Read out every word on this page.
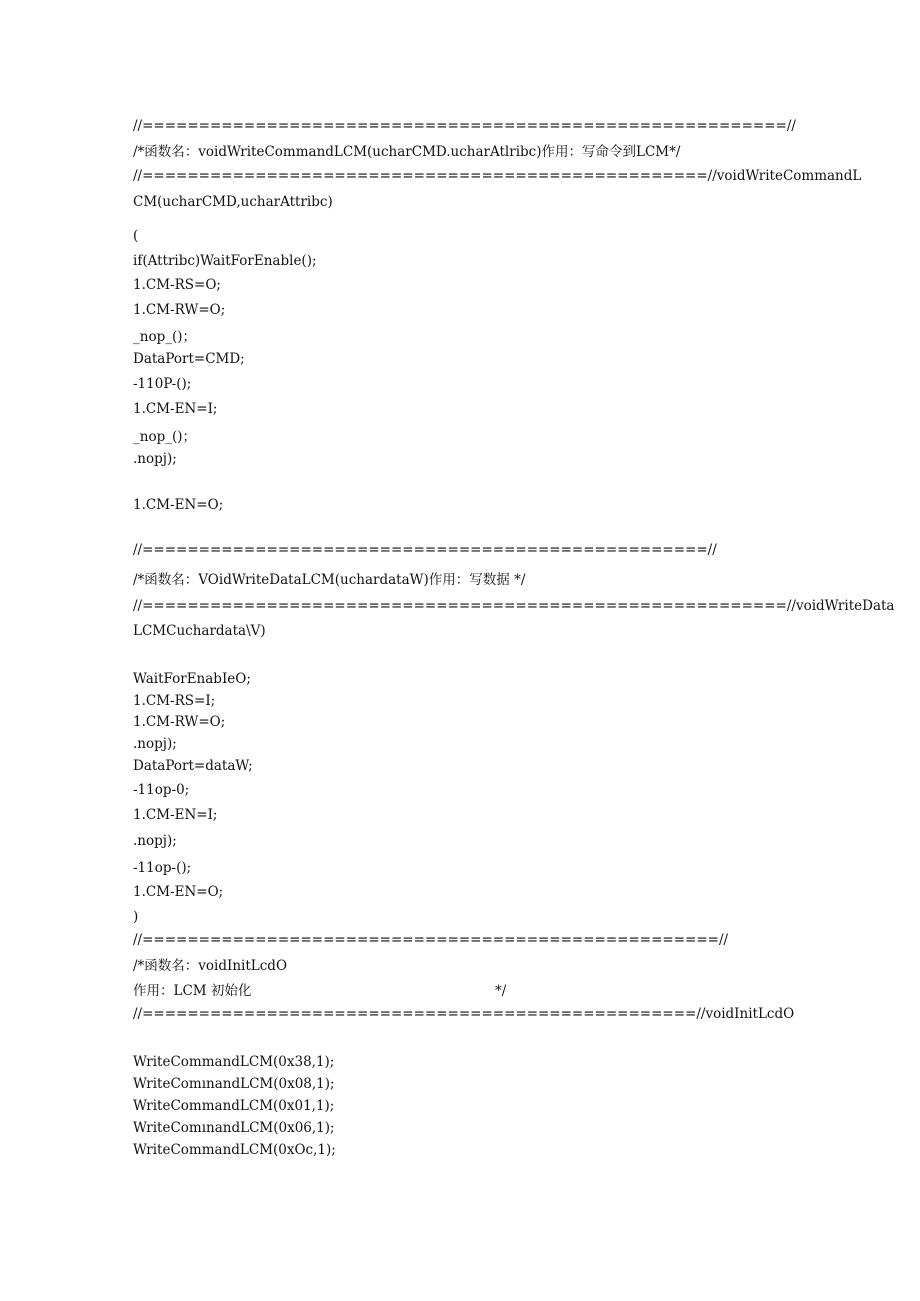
//=========================================================//
/*函数名：voidWriteCommandLCM(ucharCMD.ucharAtlribc)作用：写命令到LCM*/
//==================================================//voidWriteCommandL
CM(ucharCMD,ucharAttribc)
(
if(Attribc)WaitForEnable();
1.CM-RS=O;
1.CM-RW=O;
_nop_()；
DataPort=CMD;
-110P-();
1.CM-EN=I;
_nop_()；
.nopj);
1.CM-EN=O;
//==================================================//
/*函数名：VOidWriteDataLCM(uchardataW)作用：写数据 */
//=========================================================//voidWriteData
LCMCuchardata\V)
WaitForEnabIeO;
1.CM-RS=I;
1.CM-RW=O;
.nopj);
DataPort=dataW;
-11op-0;
1.CM-EN=I;
.nopj);
-11op-();
1.CM-EN=O;
)
//===================================================//
/*函数名：voidInitLcdO
作用：LCM 初始化	*/
//=================================================//voidInitLcdO
WriteCommandLCM(0x38,1);
WriteComınandLCM(0x08,1);
WriteCommandLCM(0x01,1);
WriteComınandLCM(0x06,1);
WriteCommandLCM(0xOc,1);
